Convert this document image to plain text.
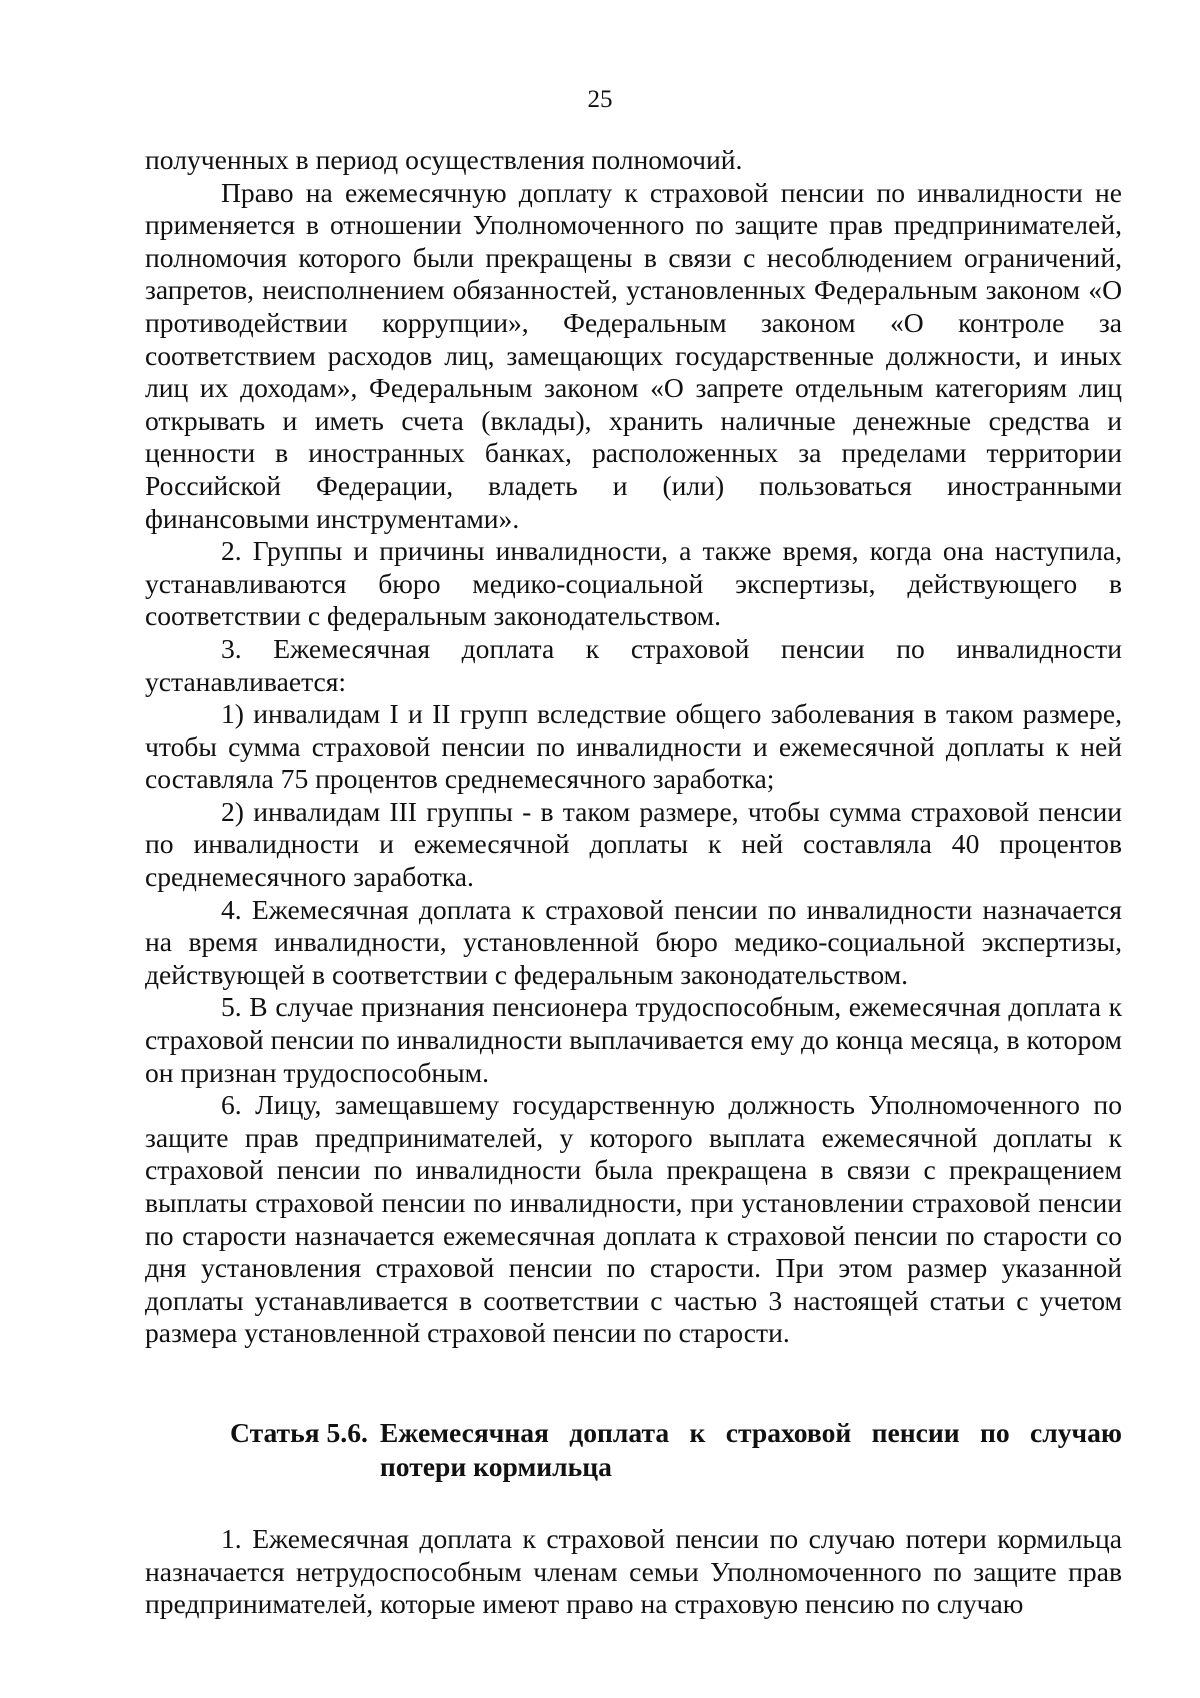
25

полученных в период осуществления полномочий.

Право на ежемесячную доплату к страховой пенсии по инвалидности не применяется в отношении Уполномоченного по защите прав предпринимателей, полномочия которого были прекращены в связи с несоблюдением ограничений, запретов, неисполнением обязанностей, установленных Федеральным законом «О противодействии коррупции», Федеральным законом «О контроле за соответствием расходов лиц, замещающих государственные должности, и иных лиц их доходам», Федеральным законом «О запрете отдельным категориям лиц открывать и иметь счета (вклады), хранить наличные денежные средства и ценности в иностранных банках, расположенных за пределами территории Российской Федерации, владеть и (или) пользоваться иностранными финансовыми инструментами».

2. Группы и причины инвалидности, а также время, когда она наступила, устанавливаются бюро медико-социальной экспертизы, действующего в соответствии с федеральным законодательством.

3. Ежемесячная доплата к страховой пенсии по инвалидности устанавливается:

1) инвалидам I и II групп вследствие общего заболевания в таком размере, чтобы сумма страховой пенсии по инвалидности и ежемесячной доплаты к ней составляла 75 процентов среднемесячного заработка;

2) инвалидам III группы - в таком размере, чтобы сумма страховой пенсии по инвалидности и ежемесячной доплаты к ней составляла 40 процентов среднемесячного заработка.

4. Ежемесячная доплата к страховой пенсии по инвалидности назначается на время инвалидности, установленной бюро медико-социальной экспертизы, действующей в соответствии с федеральным законодательством.

5. В случае признания пенсионера трудоспособным, ежемесячная доплата к страховой пенсии по инвалидности выплачивается ему до конца месяца, в котором он признан трудоспособным.

6. Лицу, замещавшему государственную должность Уполномоченного по защите прав предпринимателей, у которого выплата ежемесячной доплаты к страховой пенсии по инвалидности была прекращена в связи с прекращением выплаты страховой пенсии по инвалидности, при установлении страховой пенсии по старости назначается ежемесячная доплата к страховой пенсии по старости со дня установления страховой пенсии по старости. При этом размер указанной доплаты устанавливается в соответствии с частью 3 настоящей статьи с учетом размера установленной страховой пенсии по старости.

Статья 5.6. Ежемесячная доплата к страховой пенсии по случаю потери кормильца

1. Ежемесячная доплата к страховой пенсии по случаю потери кормильца назначается нетрудоспособным членам семьи Уполномоченного по защите прав предпринимателей, которые имеют право на страховую пенсию по случаю
